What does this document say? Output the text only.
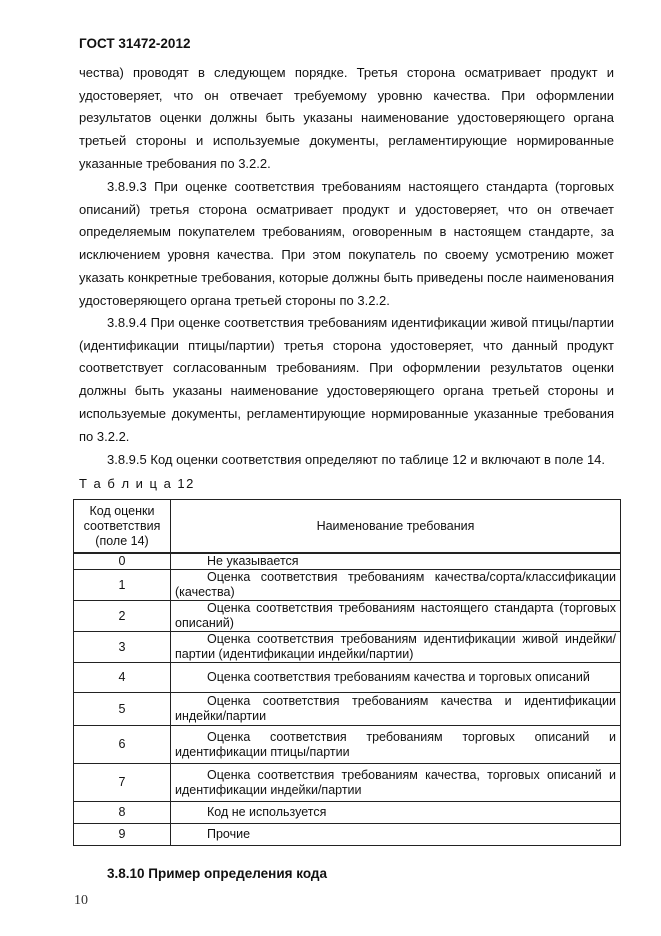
ГОСТ 31472-2012

чества) проводят в следующем порядке. Третья сторона осматривает продукт и удостоверяет, что он отвечает требуемому уровню качества. При оформлении результатов оценки должны быть указаны наименование удостоверяющего органа третьей стороны и используемые документы, регламентирующие нормированные указанные требования по 3.2.2.

3.8.9.3 При оценке соответствия требованиям настоящего стандарта (торговых описаний) третья сторона осматривает продукт и удостоверяет, что он отвечает определяемым покупателем требованиям, оговоренным в настоящем стандарте, за исключением уровня качества. При этом покупатель по своему усмотрению может указать конкретные требования, которые должны быть приведены после наименования удостоверяющего органа третьей стороны по 3.2.2.

3.8.9.4 При оценке соответствия требованиям идентификации живой птицы/партии (идентификации птицы/партии) третья сторона удостоверяет, что данный продукт соответствует согласованным требованиям. При оформлении результатов оценки должны быть указаны наименование удостоверяющего органа третьей стороны и используемые документы, регламентирующие нормированные указанные требования по 3.2.2.

3.8.9.5 Код оценки соответствия определяют по таблице 12 и включают в поле 14.

Т а б л и ц а 12
Код оценки соответствия (поле 14)	Наименование требования
0	Не указывается
1	Оценка соответствия требованиям качества/сорта/классификации (качества)
2	Оценка соответствия требованиям настоящего стандарта (торговых описаний)
3	Оценка соответствия требованиям идентификации живой индейки/партии (идентификации индейки/партии)
4	Оценка соответствия требованиям качества и торговых описаний
5	Оценка соответствия требованиям качества и идентификации индейки/партии
6	Оценка соответствия требованиям торговых описаний и идентификации птицы/партии
7	Оценка соответствия требованиям качества, торговых описаний и идентификации индейки/партии
8	Код не используется
9	Прочие
3.8.10 Пример определения кода
10
